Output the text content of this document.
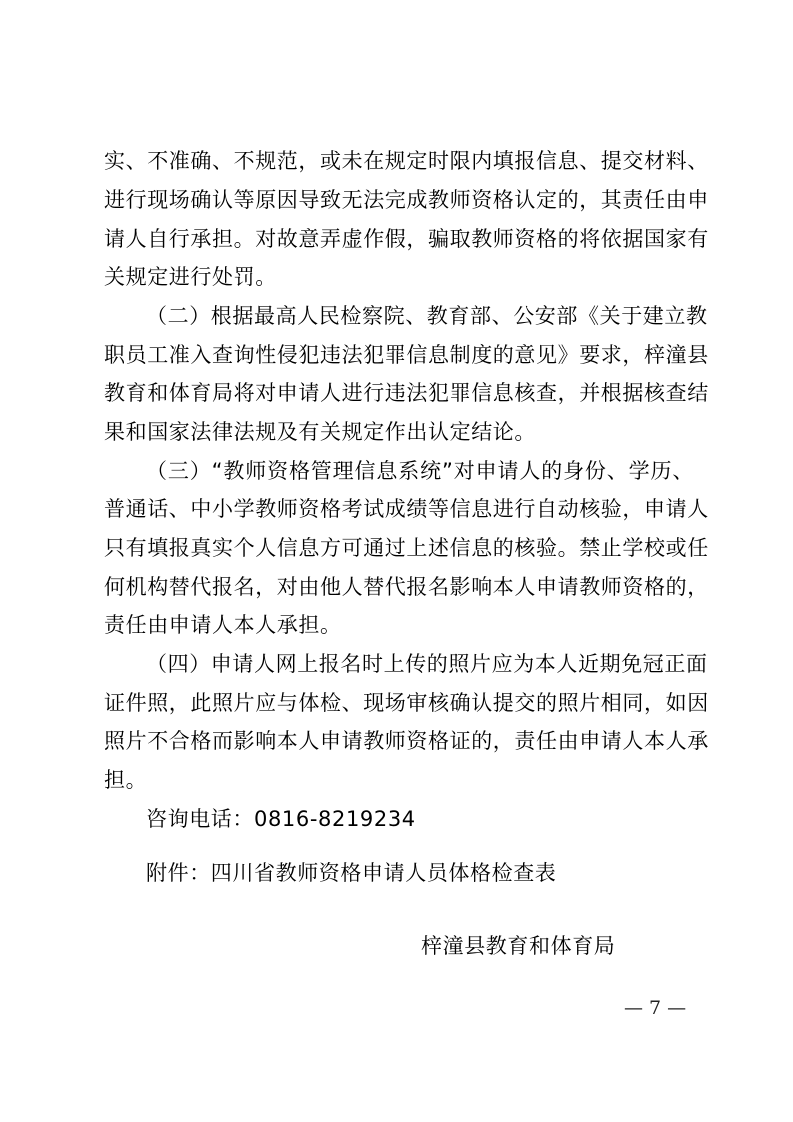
实、不准确、不规范，或未在规定时限内填报信息、提交材料、
进行现场确认等原因导致无法完成教师资格认定的，其责任由申
请人自行承担。对故意弄虚作假，骗取教师资格的将依据国家有
关规定进行处罚。
（二）根据最高人民检察院、教育部、公安部《关于建立教
职员工准入查询性侵犯违法犯罪信息制度的意见》要求，梓潼县
教育和体育局将对申请人进行违法犯罪信息核查，并根据核查结
果和国家法律法规及有关规定作出认定结论。
（三）“教师资格管理信息系统”对申请人的身份、学历、
普通话、中小学教师资格考试成绩等信息进行自动核验，申请人
只有填报真实个人信息方可通过上述信息的核验。禁止学校或任
何机构替代报名，对由他人替代报名影响本人申请教师资格的，
责任由申请人本人承担。
（四）申请人网上报名时上传的照片应为本人近期免冠正面
证件照，此照片应与体检、现场审核确认提交的照片相同，如因
照片不合格而影响本人申请教师资格证的，责任由申请人本人承
担。
咨询电话：0816-8219234
附件：四川省教师资格申请人员体格检查表
梓潼县教育和体育局
— 7 —
